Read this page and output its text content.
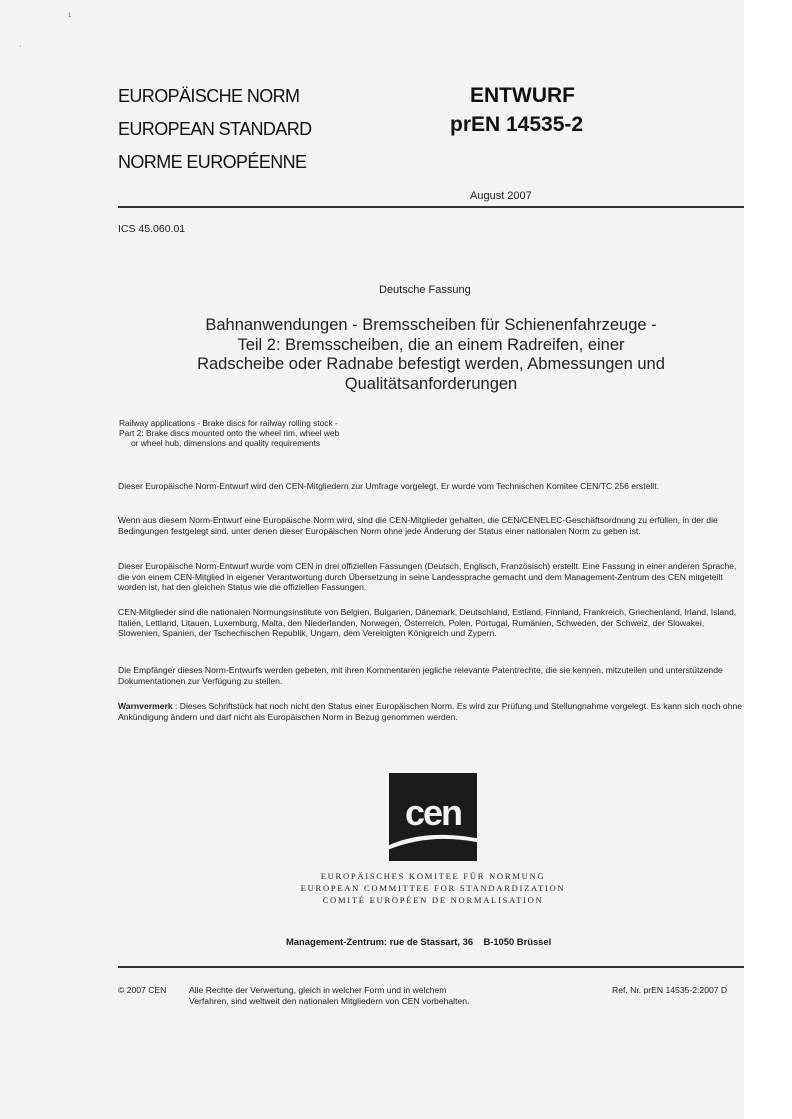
1
'
EUROPÄISCHE NORM
EUROPEAN STANDARD
NORME EUROPÉENNE
ENTWURF
prEN 14535-2
August 2007
ICS 45.060.01
Deutsche Fassung
Bahnanwendungen - Bremsscheiben für Schienenfahrzeuge -
Teil 2: Bremsscheiben, die an einem Radreifen, einer
Radscheibe oder Radnabe befestigt werden, Abmessungen und
Qualitätsanforderungen
Railway applications - Brake discs for railway rolling stock -
Part 2: Brake discs mounted onto the wheel rim, wheel web
or wheel hub, dimensions and quality requirements
Dieser Europäische Norm-Entwurf wird den CEN-Mitgliedern zur Umfrage vorgelegt. Er wurde vom Technischen Komitee CEN/TC 256 erstellt.
Wenn aus diesem Norm-Entwurf eine Europäische Norm wird, sind die CEN-Mitglieder gehalten, die CEN/CENELEC-Geschäftsordnung zu erfüllen, in der die Bedingungen festgelegt sind, unter denen dieser Europäischen Norm ohne jede Änderung der Status einer nationalen Norm zu geben ist.
Dieser Europäische Norm-Entwurf wurde vom CEN in drei offiziellen Fassungen (Deutsch, Englisch, Französisch) erstellt. Eine Fassung in einer anderen Sprache, die von einem CEN-Mitglied in eigener Verantwortung durch Übersetzung in seine Landessprache gemacht und dem Management-Zentrum des CEN mitgeteilt worden ist, hat den gleichen Status wie die offiziellen Fassungen.
CEN-Mitglieder sind die nationalen Normungsinstitute von Belgien, Bulgarien, Dänemark, Deutschland, Estland, Finnland, Frankreich, Griechenland, Irland, Island, Italien, Lettland, Litauen, Luxemburg, Malta, den Niederlanden, Norwegen, Österreich, Polen, Portugal, Rumänien, Schweden, der Schweiz, der Slowakei, Slowenien, Spanien, der Tschechischen Republik, Ungarn, dem Vereinigten Königreich und Zypern.
Die Empfänger dieses Norm-Entwurfs werden gebeten, mit ihren Kommentaren jegliche relevante Patentrechte, die sie kennen, mitzuteilen und unterstützende Dokumentationen zur Verfügung zu stellen.
Warnvermerk : Dieses Schriftstück hat noch nicht den Status einer Europäischen Norm. Es wird zur Prüfung und Stellungnahme vorgelegt. Es kann sich noch ohne Ankündigung ändern und darf nicht als Europäischen Norm in Bezug genommen werden.
cen
EUROPÄISCHES KOMITEE FÜR NORMUNG
EUROPEAN COMMITTEE FOR STANDARDIZATION
COMITÉ EUROPÉEN DE NORMALISATION
Management-Zentrum: rue de Stassart, 36    B-1050 Brüssel
© 2007 CEN	Alle Rechte der Verwertung, gleich in welcher Form und in welchem
Verfahren, sind weltweit den nationalen Mitgliedern von CEN vorbehalten.
Ref. Nr. prEN 14535-2:2007 D
